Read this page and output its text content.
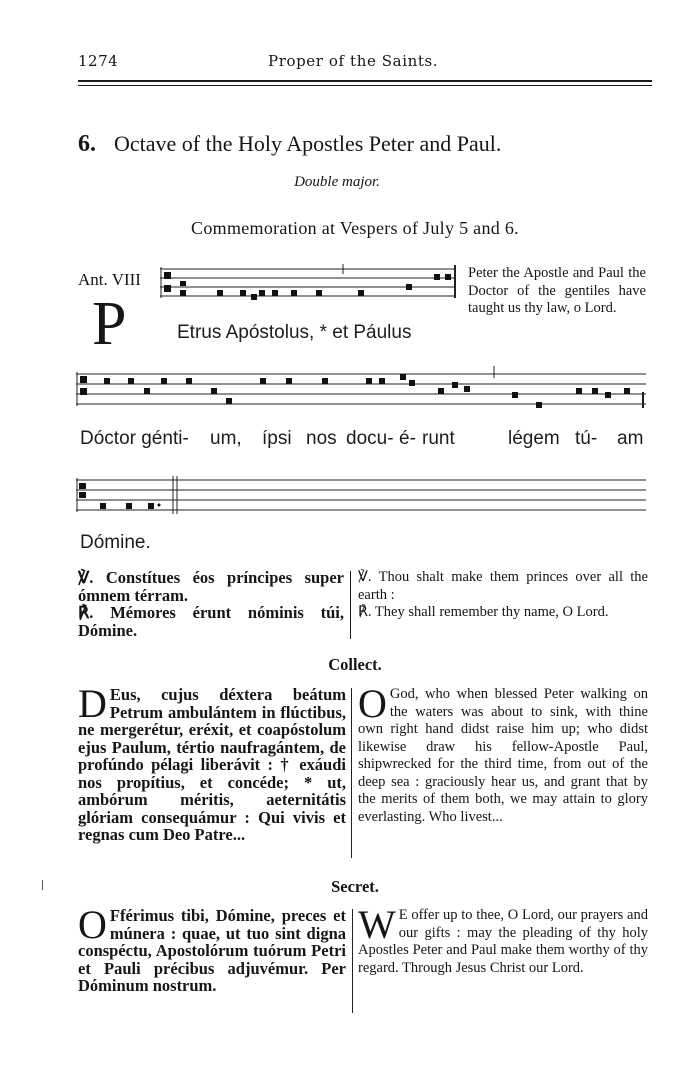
1274	Proper of the Saints.
6. Octave of the Holy Apostles Peter and Paul.
Double major.
Commemoration at Vespers of July 5 and 6.
Ant. VIII
P	Etrus Apóstolus, * et Páulus
Peter the Apostle and Paul the Doctor of the gentiles have taught us thy law, o Lord.
Dóctor génti- um, ípsi nos docu- é- runt	légem tú- am
Dómine.
℣. Constítues éos príncipes super ómnem térram.
℟. Mémores érunt nóminis túi, Dómine.
℣. Thou shalt make them princes over all the earth :
℟. They shall remember thy name, O Lord.
Collect.
D Eus, cujus déxtera beátum Petrum ambulántem in flúctibus, ne mergerétur, eréxit, et coapóstolum ejus Paulum, tértio naufragántem, de profúndo pélagi liberávit : † exáudi nos propítius, et concéde; * ut, ambórum méritis, aeternitátis glóriam consequámur : Qui vivis et regnas cum Deo Patre...
O God, who when blessed Peter walking on the waters was about to sink, with thine own right hand didst raise him up; who didst likewise draw his fellow-Apostle Paul, shipwrecked for the third time, from out of the deep sea : graciously hear us, and grant that by the merits of them both, we may attain to glory everlasting. Who livest...
Secret.
O Fférimus tibi, Dómine, preces et múnera : quae, ut tuo sint digna conspéctu, Apostolórum tuórum Petri et Pauli précibus adjuvémur. Per Dóminum nostrum.
W E offer up to thee, O Lord, our prayers and our gifts : may the pleading of thy holy Apostles Peter and Paul make them worthy of thy regard. Through Jesus Christ our Lord.
